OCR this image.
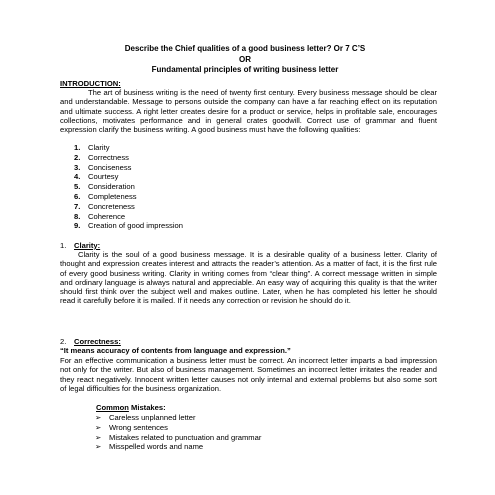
Describe the Chief qualities of a good business letter? Or 7 C’S
OR
Fundamental principles of writing business letter
INTRODUCTION:
The art of business writing is the need of twenty first century. Every business message should be clear and understandable. Message to persons outside the company can have a far reaching effect on its reputation and ultimate success. A right letter creates desire for a product or service, helps in profitable sale, encourages collections, motivates performance and in general crates goodwill. Correct use of grammar and fluent expression clarify the business writing. A good business must have the following qualities:
1.	Clarity
2.	Correctness
3.	Conciseness
4.	Courtesy
5.	Consideration
6.	Completeness
7.	Concreteness
8.	Coherence
9.	Creation of good impression
1. Clarity:
Clarity is the soul of a good business message. It is a desirable quality of a business letter. Clarity of thought and expression creates interest and attracts the reader’s attention. As a matter of fact, it is the first rule of every good business writing. Clarity in writing comes from “clear thing”. A correct message written in simple and ordinary language is always natural and appreciable. An easy way of acquiring this quality is that the writer should first think over the subject well and makes outline. Later, when he has completed his letter he should read it carefully before it is mailed. If it needs any correction or revision he should do it.
2. Correctness:
“It means accuracy of contents from language and expression.”
For an effective communication a business letter must be correct. An incorrect letter imparts a bad impression not only for the writer. But also of business management. Sometimes an incorrect letter irritates the reader and they react negatively. Innocent written letter causes not only internal and external problems but also some sort of legal difficulties for the business organization.
Common Mistakes:
➢	Careless unplanned letter
➢	Wrong sentences
➢	Mistakes related to punctuation and grammar
➢	Misspelled words and name
